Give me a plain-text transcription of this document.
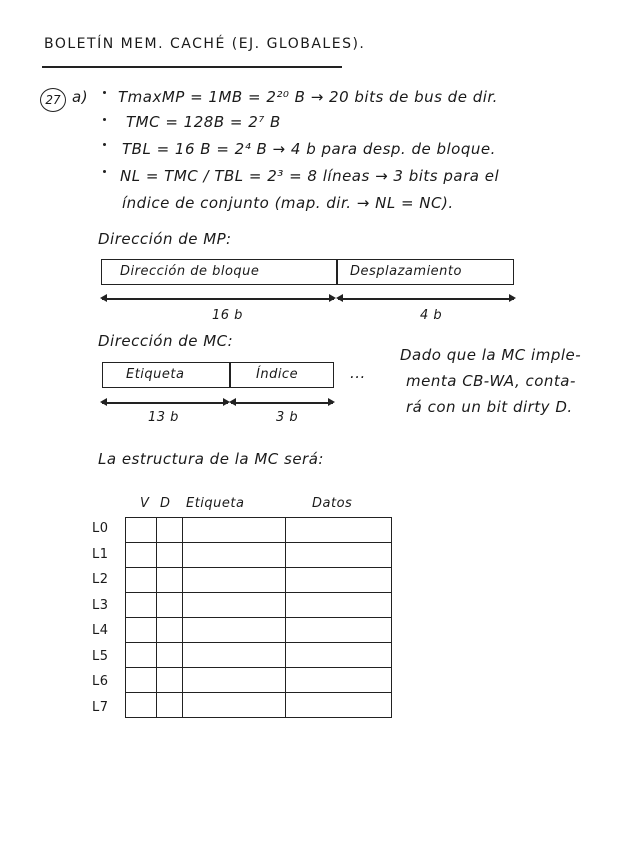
BOLETÍN MEM. CACHÉ (EJ. GLOBALES).
27 a) TmaxMP = 1MB = 2²⁰ B → 20 bits de bus de dir.
TMC = 128B = 2⁷ B
TBL = 16 B = 2⁴ B → 4 b para desp. de bloque.
NL = TMC / TBL = 2³ = 8 líneas → 3 bits para el
índice de conjunto (map. dir. → NL = NC).
Dirección de MP:
Dirección de bloque	Desplazamiento
16 b	4 b
Dirección de MC:
Etiqueta	Índice	...
13 b	3 b
Dado que la MC imple-
menta CB-WA, conta-
rá con un bit dirty D.
La estructura de la MC será:
V D Etiqueta	Datos

L0
L1
L2
L3
L4
L5
L6
L7
